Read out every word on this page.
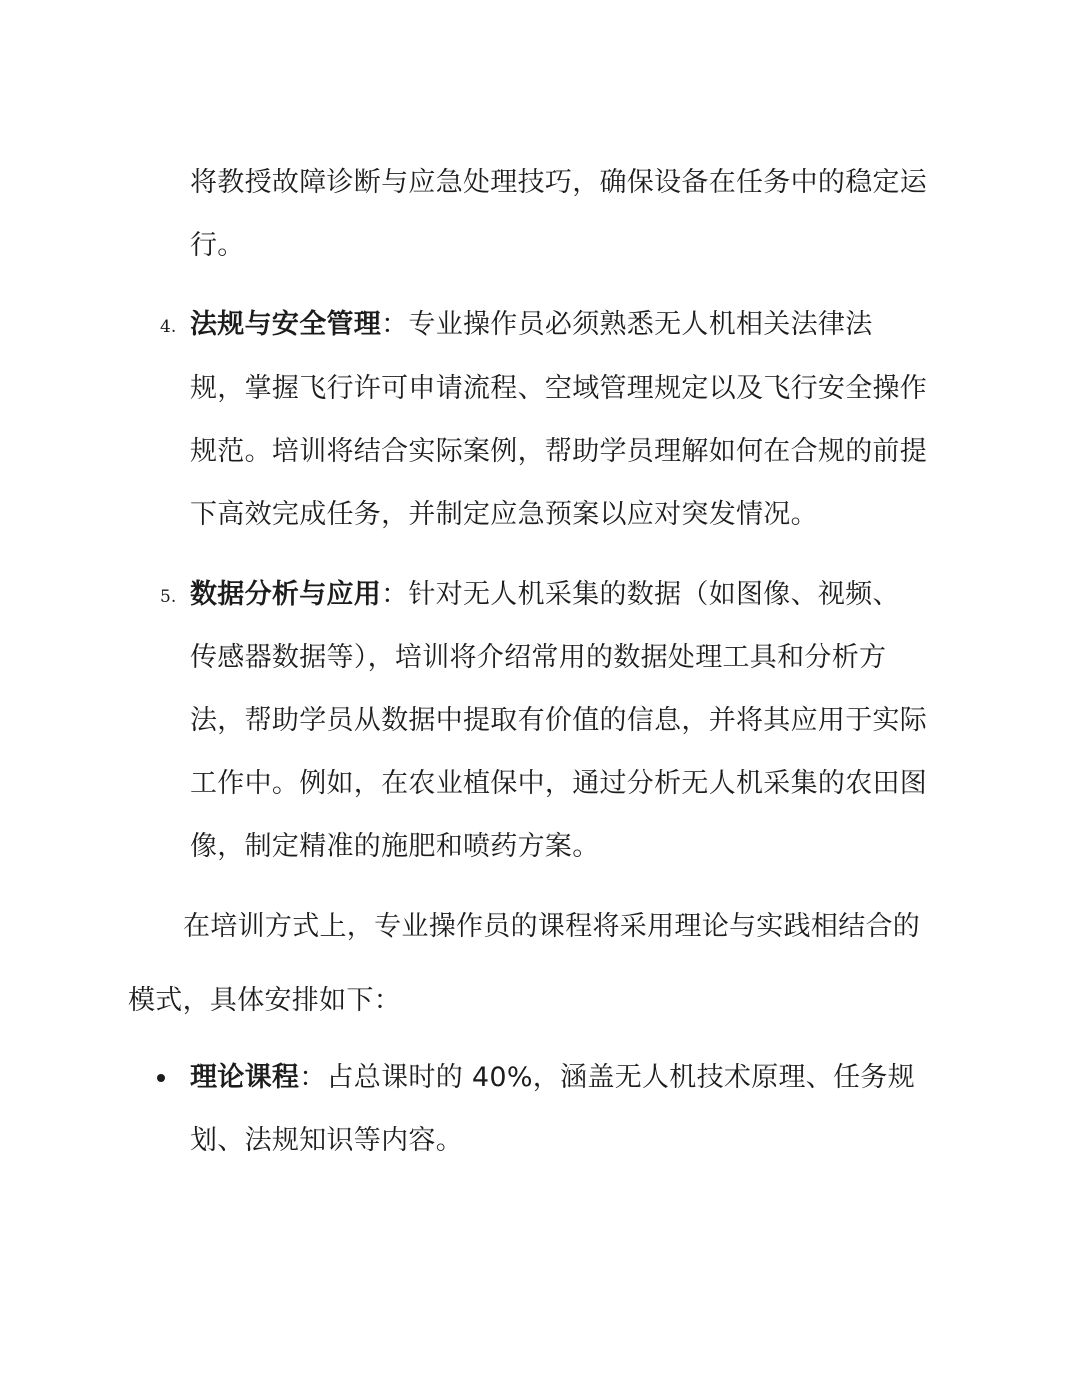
将教授故障诊断与应急处理技巧，确保设备在任务中的稳定运
行。
4. 法规与安全管理：专业操作员必须熟悉无人机相关法律法
规，掌握飞行许可申请流程、空域管理规定以及飞行安全操作
规范。培训将结合实际案例，帮助学员理解如何在合规的前提
下高效完成任务，并制定应急预案以应对突发情况。
5. 数据分析与应用：针对无人机采集的数据（如图像、视频、
传感器数据等），培训将介绍常用的数据处理工具和分析方
法，帮助学员从数据中提取有价值的信息，并将其应用于实际
工作中。例如，在农业植保中，通过分析无人机采集的农田图
像，制定精准的施肥和喷药方案。
在培训方式上，专业操作员的课程将采用理论与实践相结合的
模式，具体安排如下：
理论课程：占总课时的 40%，涵盖无人机技术原理、任务规
划、法规知识等内容。
